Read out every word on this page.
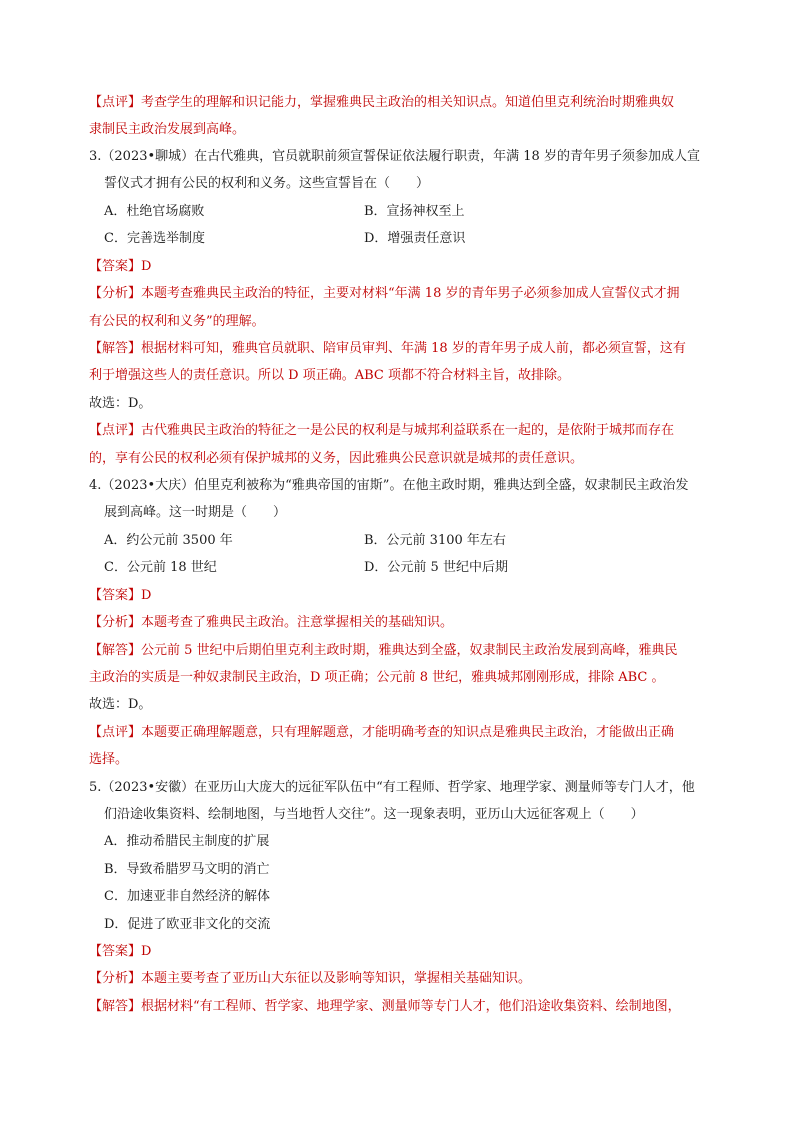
【点评】考查学生的理解和识记能力，掌握雅典民主政治的相关知识点。知道伯里克利统治时期雅典奴
隶制民主政治发展到高峰。
3.（2023•聊城）在古代雅典，官员就职前须宣誓保证依法履行职责，年满 18 岁的青年男子须参加成人宣
誓仪式才拥有公民的权利和义务。这些宣誓旨在（　　）
A．杜绝官场腐败	B．宣扬神权至上
C．完善选举制度	D．增强责任意识
【答案】D
【分析】本题考查雅典民主政治的特征，主要对材料“年满 18 岁的青年男子必须参加成人宣誓仪式才拥
有公民的权利和义务”的理解。
【解答】根据材料可知，雅典官员就职、陪审员审判、年满 18 岁的青年男子成人前，都必须宣誓，这有
利于增强这些人的责任意识。所以 D 项正确。ABC 项都不符合材料主旨，故排除。
故选：D。
【点评】古代雅典民主政治的特征之一是公民的权利是与城邦利益联系在一起的，是依附于城邦而存在
的，享有公民的权利必须有保护城邦的义务，因此雅典公民意识就是城邦的责任意识。
4.（2023•大庆）伯里克利被称为“雅典帝国的宙斯”。在他主政时期，雅典达到全盛，奴隶制民主政治发
展到高峰。这一时期是（　　）
A．约公元前 3500 年	B．公元前 3100 年左右
C．公元前 18 世纪	D．公元前 5 世纪中后期
【答案】D
【分析】本题考查了雅典民主政治。注意掌握相关的基础知识。
【解答】公元前 5 世纪中后期伯里克利主政时期，雅典达到全盛，奴隶制民主政治发展到高峰，雅典民
主政治的实质是一种奴隶制民主政治，D 项正确；公元前 8 世纪，雅典城邦刚刚形成，排除 ABC 。
故选：D。
【点评】本题要正确理解题意，只有理解题意，才能明确考查的知识点是雅典民主政治，才能做出正确
选择。
5.（2023•安徽）在亚历山大庞大的远征军队伍中“有工程师、哲学家、地理学家、测量师等专门人才，他
们沿途收集资料、绘制地图，与当地哲人交往”。这一现象表明，亚历山大远征客观上（　　）
A．推动希腊民主制度的扩展
B．导致希腊罗马文明的消亡
C．加速亚非自然经济的解体
D．促进了欧亚非文化的交流
【答案】D
【分析】本题主要考查了亚历山大东征以及影响等知识，掌握相关基础知识。
【解答】根据材料“有工程师、哲学家、地理学家、测量师等专门人才，他们沿途收集资料、绘制地图，
